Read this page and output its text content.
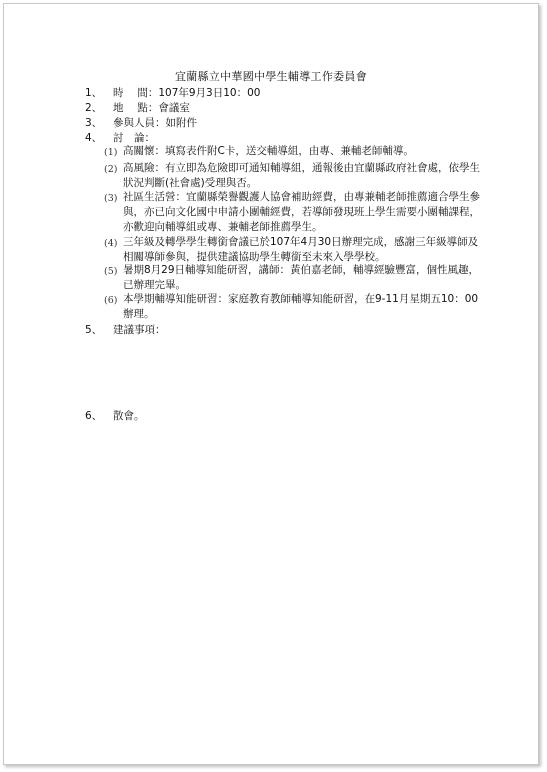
宜蘭縣立中華國中學生輔導工作委員會
1、 時　 間：107年9月3日10：00
2、 地　 點：會議室
3、 參與人員：如附件
4、 討　論：
(1) 高關懷：填寫表件附C卡，送交輔導組，由專、兼輔老師輔導。
(2) 高風險：有立即為危險即可通知輔導組，通報後由宜蘭縣政府社會處，依學生狀況判斷(社會處)受理與否。
(3) 社區生活營：宜蘭縣榮譽觀護人協會補助經費，由專兼輔老師推薦適合學生參與，亦已向文化國中申請小團輔經費，若導師發現班上學生需要小團輔課程，亦歡迎向輔導組或專、兼輔老師推薦學生。
(4) 三年級及轉學學生轉銜會議已於107年4月30日辦理完成，感謝三年級導師及相關導師參與，提供建議協助學生轉銜至未來入學學校。
(5) 暑期8月29日輔導知能研習，講師：黃伯嘉老師，輔導經驗豐富，個性風趣，已辦理完畢。
(6) 本學期輔導知能研習：家庭教育教師輔導知能研習，在9-11月星期五10：00辦理。
5、 建議事項：
6、 散會。
